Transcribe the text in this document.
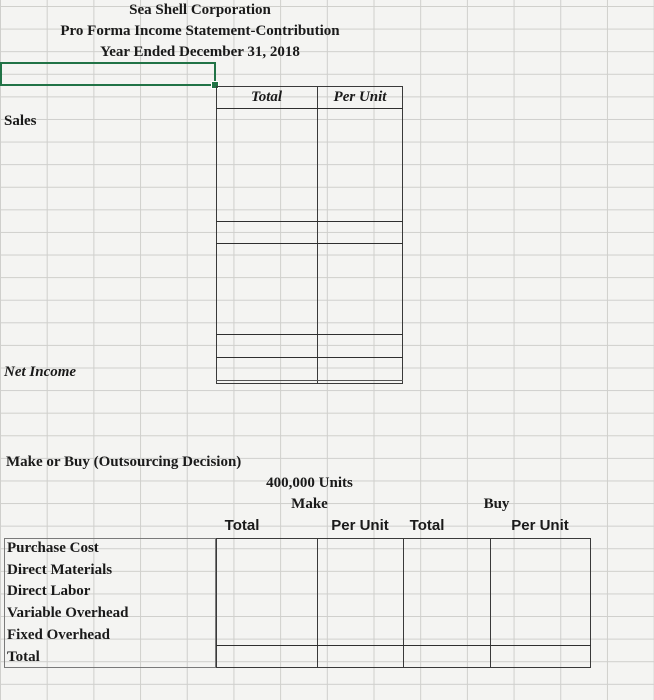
Sea Shell Corporation
Pro Forma Income Statement-Contribution
Year Ended December 31, 2018
Total	Per Unit
Sales
Net Income
Make or Buy (Outsourcing Decision)
400,000 Units
Make	Buy
Total	Per Unit	Total	Per Unit
Purchase Cost
Direct Materials
Direct Labor
Variable Overhead
Fixed Overhead
Total
